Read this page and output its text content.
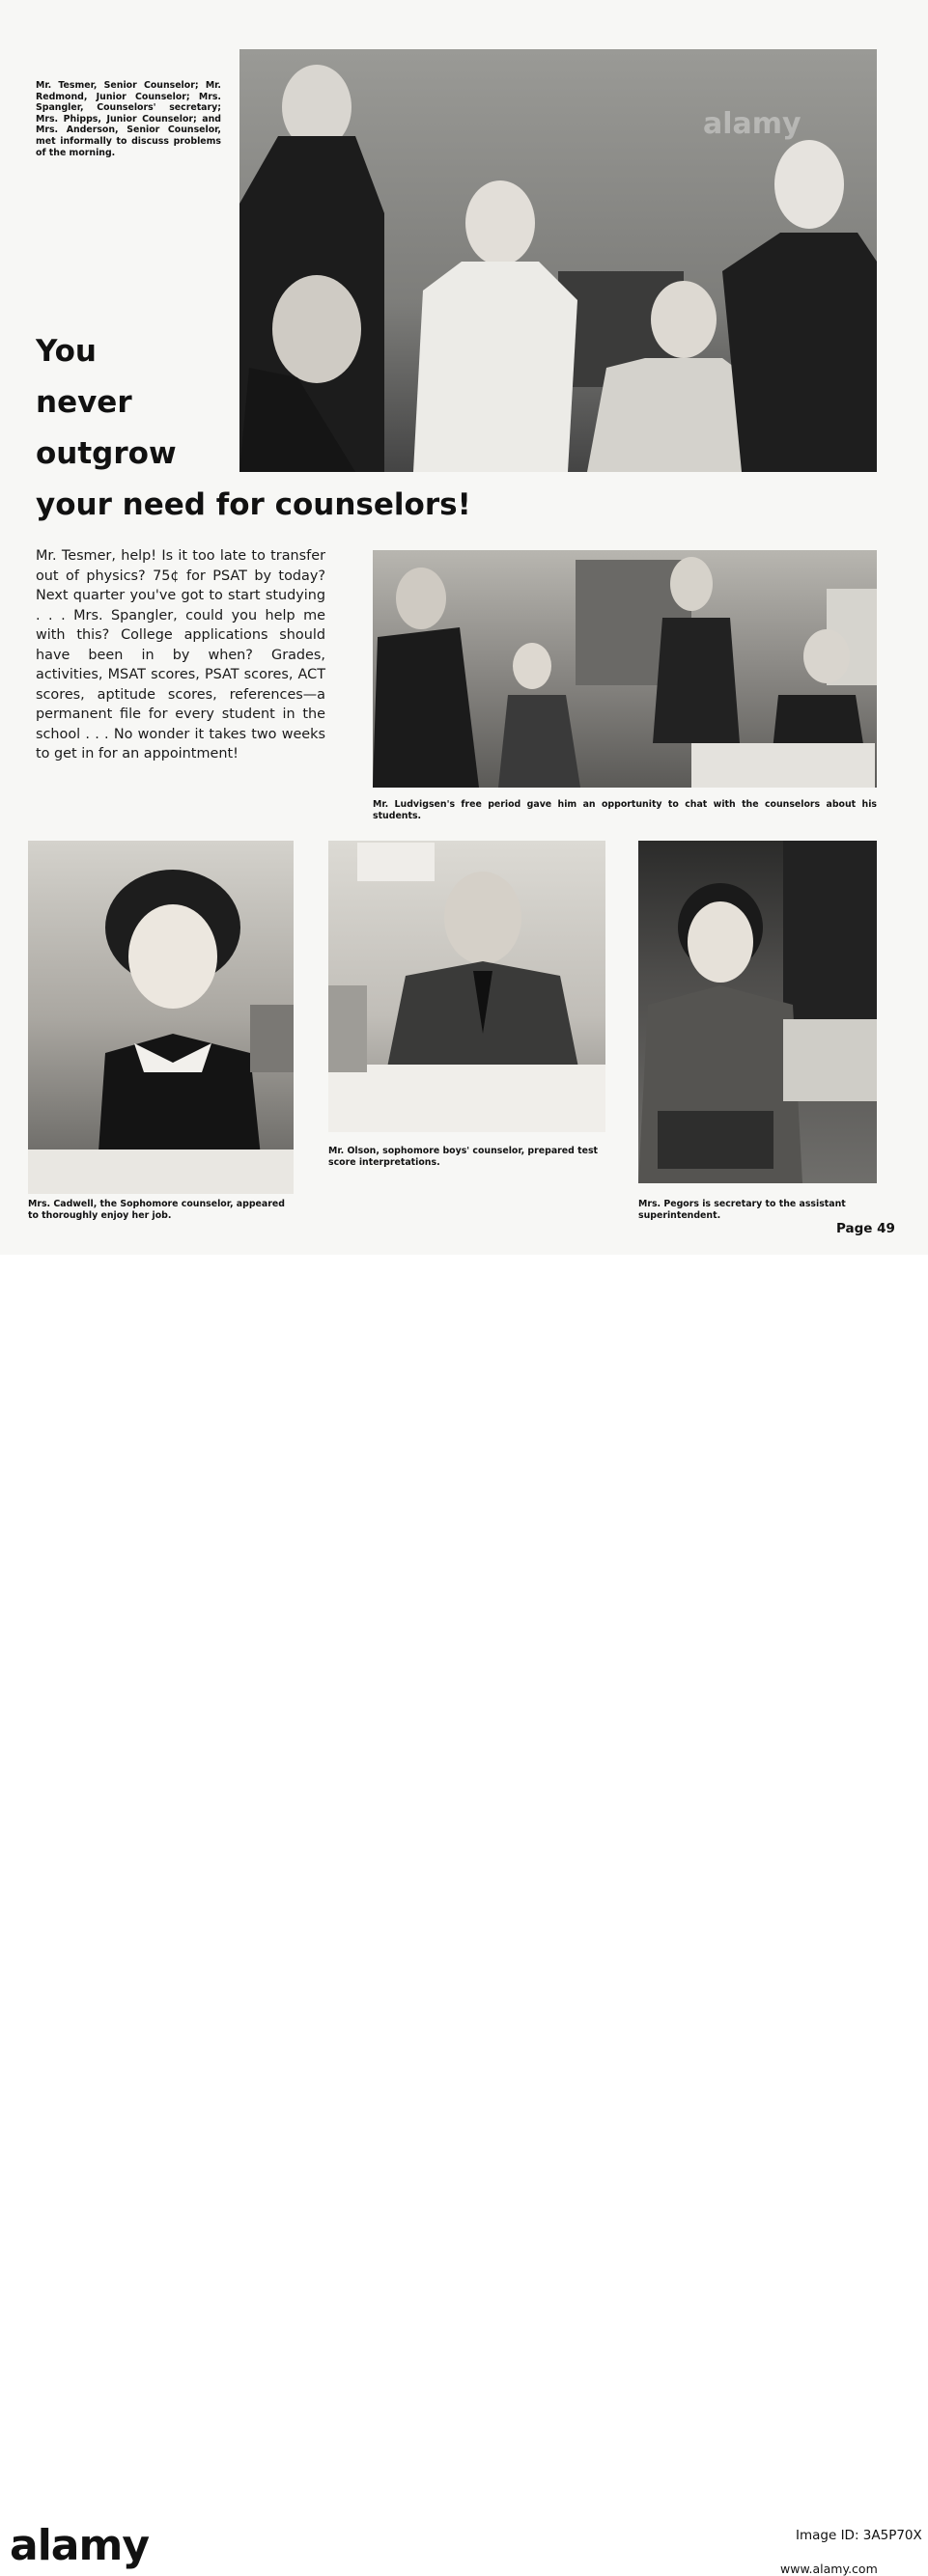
alamy
Mr. Tesmer, Senior Counselor; Mr. Redmond, Junior Counselor; Mrs. Spangler, Counselors' secretary; Mrs. Phipps, Junior Counselor; and Mrs. Anderson, Senior Counselor, met informally to discuss problems of the morning.
You
never
outgrow
your need for counselors!

Mr. Tesmer, help! Is it too late to transfer out of physics? 75¢ for PSAT by today? Next quarter you've got to start studying . . . Mrs. Spangler, could you help me with this? College applications should have been in by when? Grades, activities, MSAT scores, PSAT scores, ACT scores, aptitude scores, references—a permanent file for every student in the school . . . No wonder it takes two weeks to get in for an appointment!

Mr. Ludvigsen's free period gave him an opportunity to chat with the counselors about his students.
Mrs. Cadwell, the Sophomore counselor, appeared to thoroughly enjoy her job.
Mr. Olson, sophomore boys' counselor, prepared test score interpretations.
Mrs. Pegors is secretary to the assistant superintendent.
Page 49
alamy	Image ID: 3A5P70X
www.alamy.com
